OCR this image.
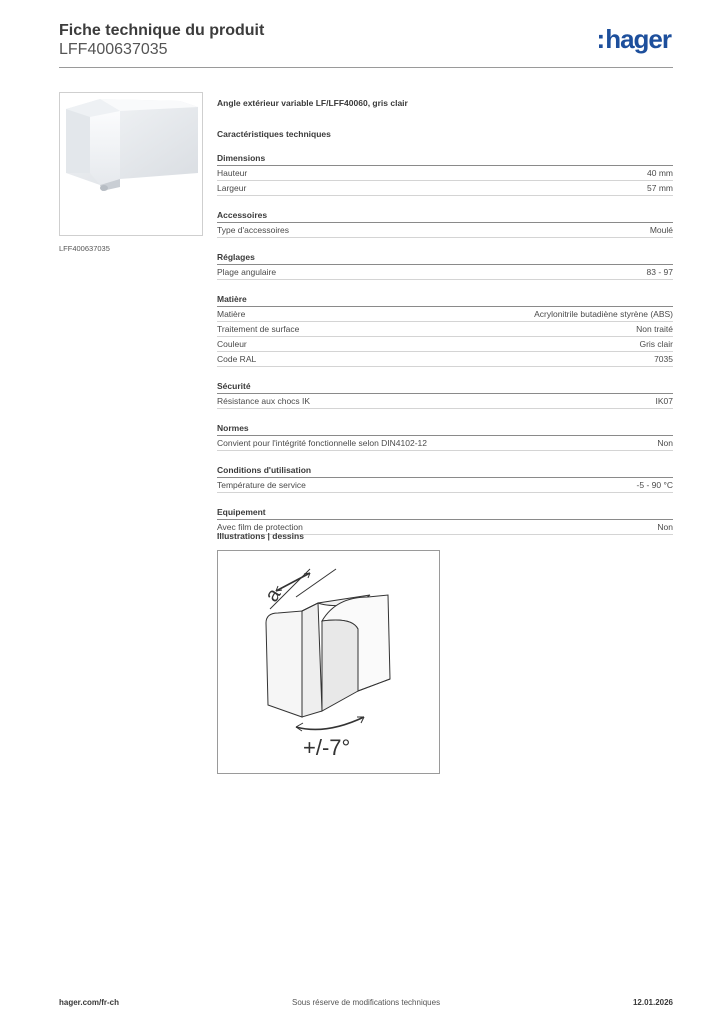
Fiche technique du produit
LFF400637035	:hager
LFF400637035
Angle extérieur variable LF/LFF40060, gris clair
Caractéristiques techniques
Dimensions
Hauteur	40 mm
Largeur	57 mm
Accessoires
Type d'accessoires	Moulé
Réglages
Plage angulaire	83 - 97
Matière
Matière	Acrylonitrile butadiène styrène (ABS)
Traitement de surface	Non traité
Couleur	Gris clair
Code RAL	7035
Sécurité
Résistance aux chocs IK	IK07
Normes
Convient pour l'intégrité fonctionnelle selon DIN4102-12	Non
Conditions d'utilisation
Température de service	-5 - 90 °C
Equipement
Avec film de protection	Non
Illustrations | dessins
a
+/-7°
hager.com/fr-ch	Sous réserve de modifications techniques	12.01.2026
